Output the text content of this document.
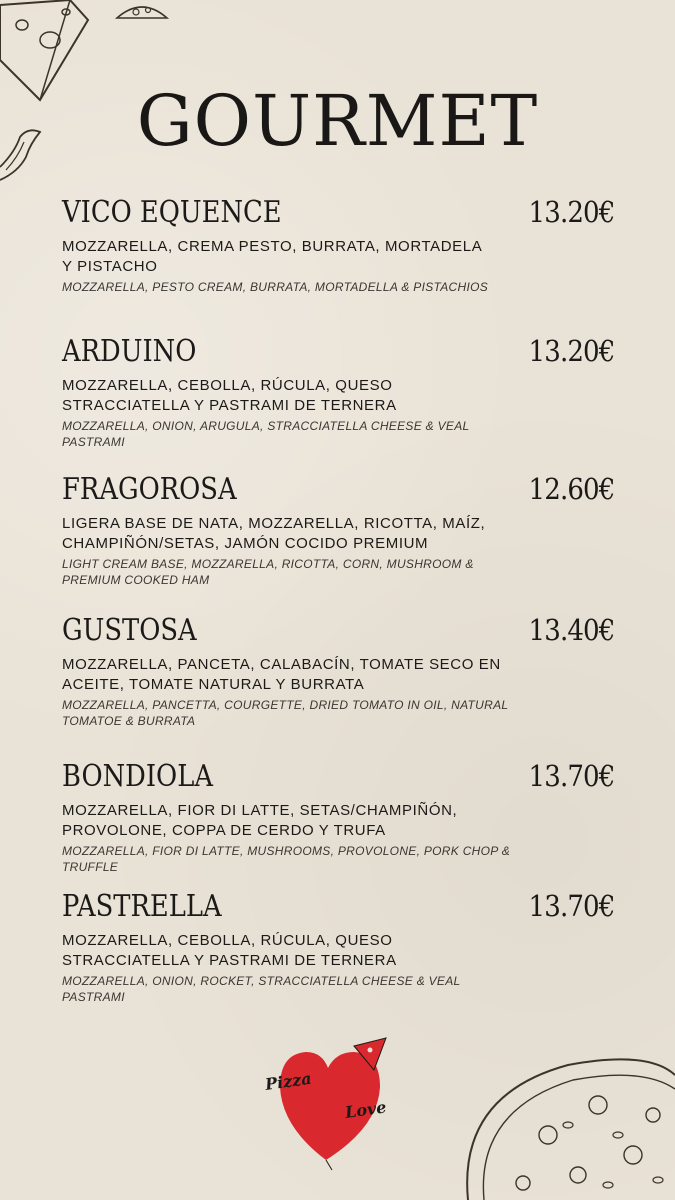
GOURMET
VICO EQUENCE	13.20€
MOZZARELLA, CREMA PESTO, BURRATA, MORTADELA Y PISTACHO
MOZZARELLA, PESTO CREAM, BURRATA, MORTADELLA & PISTACHIOS
ARDUINO	13.20€
MOZZARELLA, CEBOLLA, RÚCULA, QUESO STRACCIATELLA Y PASTRAMI DE TERNERA
MOZZARELLA, ONION, ARUGULA, STRACCIATELLA CHEESE & VEAL PASTRAMI
FRAGOROSA	12.60€
LIGERA BASE DE NATA, MOZZARELLA, RICOTTA, MAÍZ, CHAMPIÑÓN/SETAS, JAMÓN COCIDO PREMIUM
LIGHT CREAM BASE, MOZZARELLA, RICOTTA, CORN, MUSHROOM & PREMIUM COOKED HAM
GUSTOSA	13.40€
MOZZARELLA, PANCETA, CALABACÍN, TOMATE SECO EN ACEITE, TOMATE NATURAL Y BURRATA
MOZZARELLA, PANCETTA, COURGETTE, DRIED TOMATO IN OIL, NATURAL TOMATOE & BURRATA
BONDIOLA	13.70€
MOZZARELLA, FIOR DI LATTE, SETAS/CHAMPIÑÓN, PROVOLONE, COPPA DE CERDO Y TRUFA
MOZZARELLA, FIOR DI LATTE, MUSHROOMS, PROVOLONE, PORK CHOP & TRUFFLE
PASTRELLA	13.70€
MOZZARELLA, CEBOLLA, RÚCULA, QUESO STRACCIATELLA Y PASTRAMI DE TERNERA
MOZZARELLA, ONION, ROCKET, STRACCIATELLA CHEESE & VEAL PASTRAMI
Pizza
Love
